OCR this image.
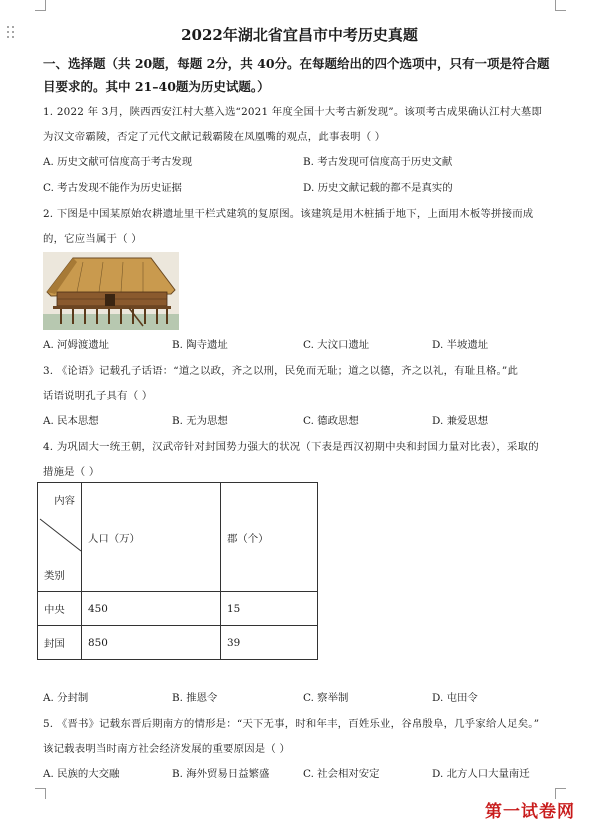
2022年湖北省宜昌市中考历史真题
一、选择题（共 20题，每题 2分，共 40分。在每题给出的四个选项中，只有一项是符合题
目要求的。其中 21–40题为历史试题。）
1. 2022 年 3月，陕西西安江村大墓入选“2021 年度全国十大考古新发现”。该项考古成果确认江村大墓即
为汉文帝霸陵，否定了元代文献记载霸陵在凤凰嘴的观点，此事表明（ ）
A. 历史文献可信度高于考古发现	B. 考古发现可信度高于历史文献
C. 考古发现不能作为历史证据	D. 历史文献记载的都不是真实的
2. 下图是中国某原始农耕遗址里干栏式建筑的复原图。该建筑是用木桩插于地下，上面用木板等拼接而成
的，它应当属于（ ）
A. 河姆渡遗址	B. 陶寺遗址	C. 大汶口遗址	D. 半坡遗址
3. 《论语》记载孔子话语：“道之以政，齐之以刑，民免而无耻；道之以德，齐之以礼，有耻且格。”此
话语说明孔子具有（ ）
A. 民本思想	B. 无为思想	C. 德政思想	D. 兼爱思想
4. 为巩固大一统王朝，汉武帝针对封国势力强大的状况（下表是西汉初期中央和封国力量对比表），采取的
措施是（ ）
内容
类别	人口（万）	郡（个）
中央	450	15
封国	850	39
A. 分封制	B. 推恩令	C. 察举制	D. 屯田令
5. 《晋书》记载东晋后期南方的情形是：“天下无事，时和年丰，百姓乐业，谷帛殷阜，几乎家给人足矣。”
该记载表明当时南方社会经济发展的重要原因是（ ）
A. 民族的大交融	B. 海外贸易日益繁盛	C. 社会相对安定	D. 北方人口大量南迁
第一试卷网
